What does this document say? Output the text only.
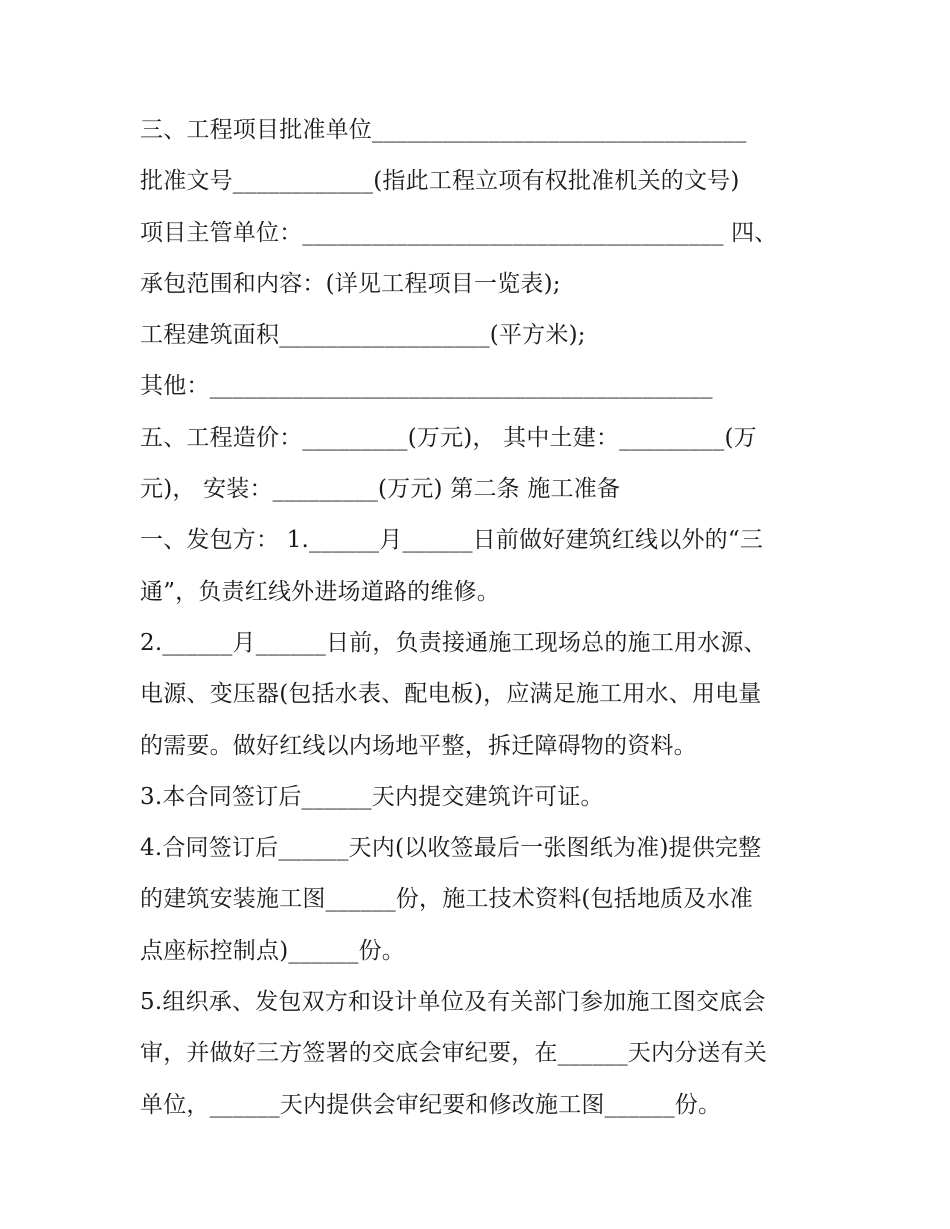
三、工程项目批准单位________________________________
批准文号____________(指此工程立项有权批准机关的文号)
项目主管单位：____________________________________ 四、
承包范围和内容：(详见工程项目一览表);
工程建筑面积__________________(平方米);
其他：___________________________________________
五、工程造价：_________(万元)， 其中土建：_________(万
元)， 安装：_________(万元) 第二条 施工准备
一、发包方： 1.______月______日前做好建筑红线以外的“三
通”，负责红线外进场道路的维修。
2.______月______日前，负责接通施工现场总的施工用水源、
电源、变压器(包括水表、配电板)，应满足施工用水、用电量
的需要。做好红线以内场地平整，拆迁障碍物的资料。
3.本合同签订后______天内提交建筑许可证。
4.合同签订后______天内(以收签最后一张图纸为准)提供完整
的建筑安装施工图______份，施工技术资料(包括地质及水准
点座标控制点)______份。
5.组织承、发包双方和设计单位及有关部门参加施工图交底会
审，并做好三方签署的交底会审纪要，在______天内分送有关
单位，______天内提供会审纪要和修改施工图______份。
